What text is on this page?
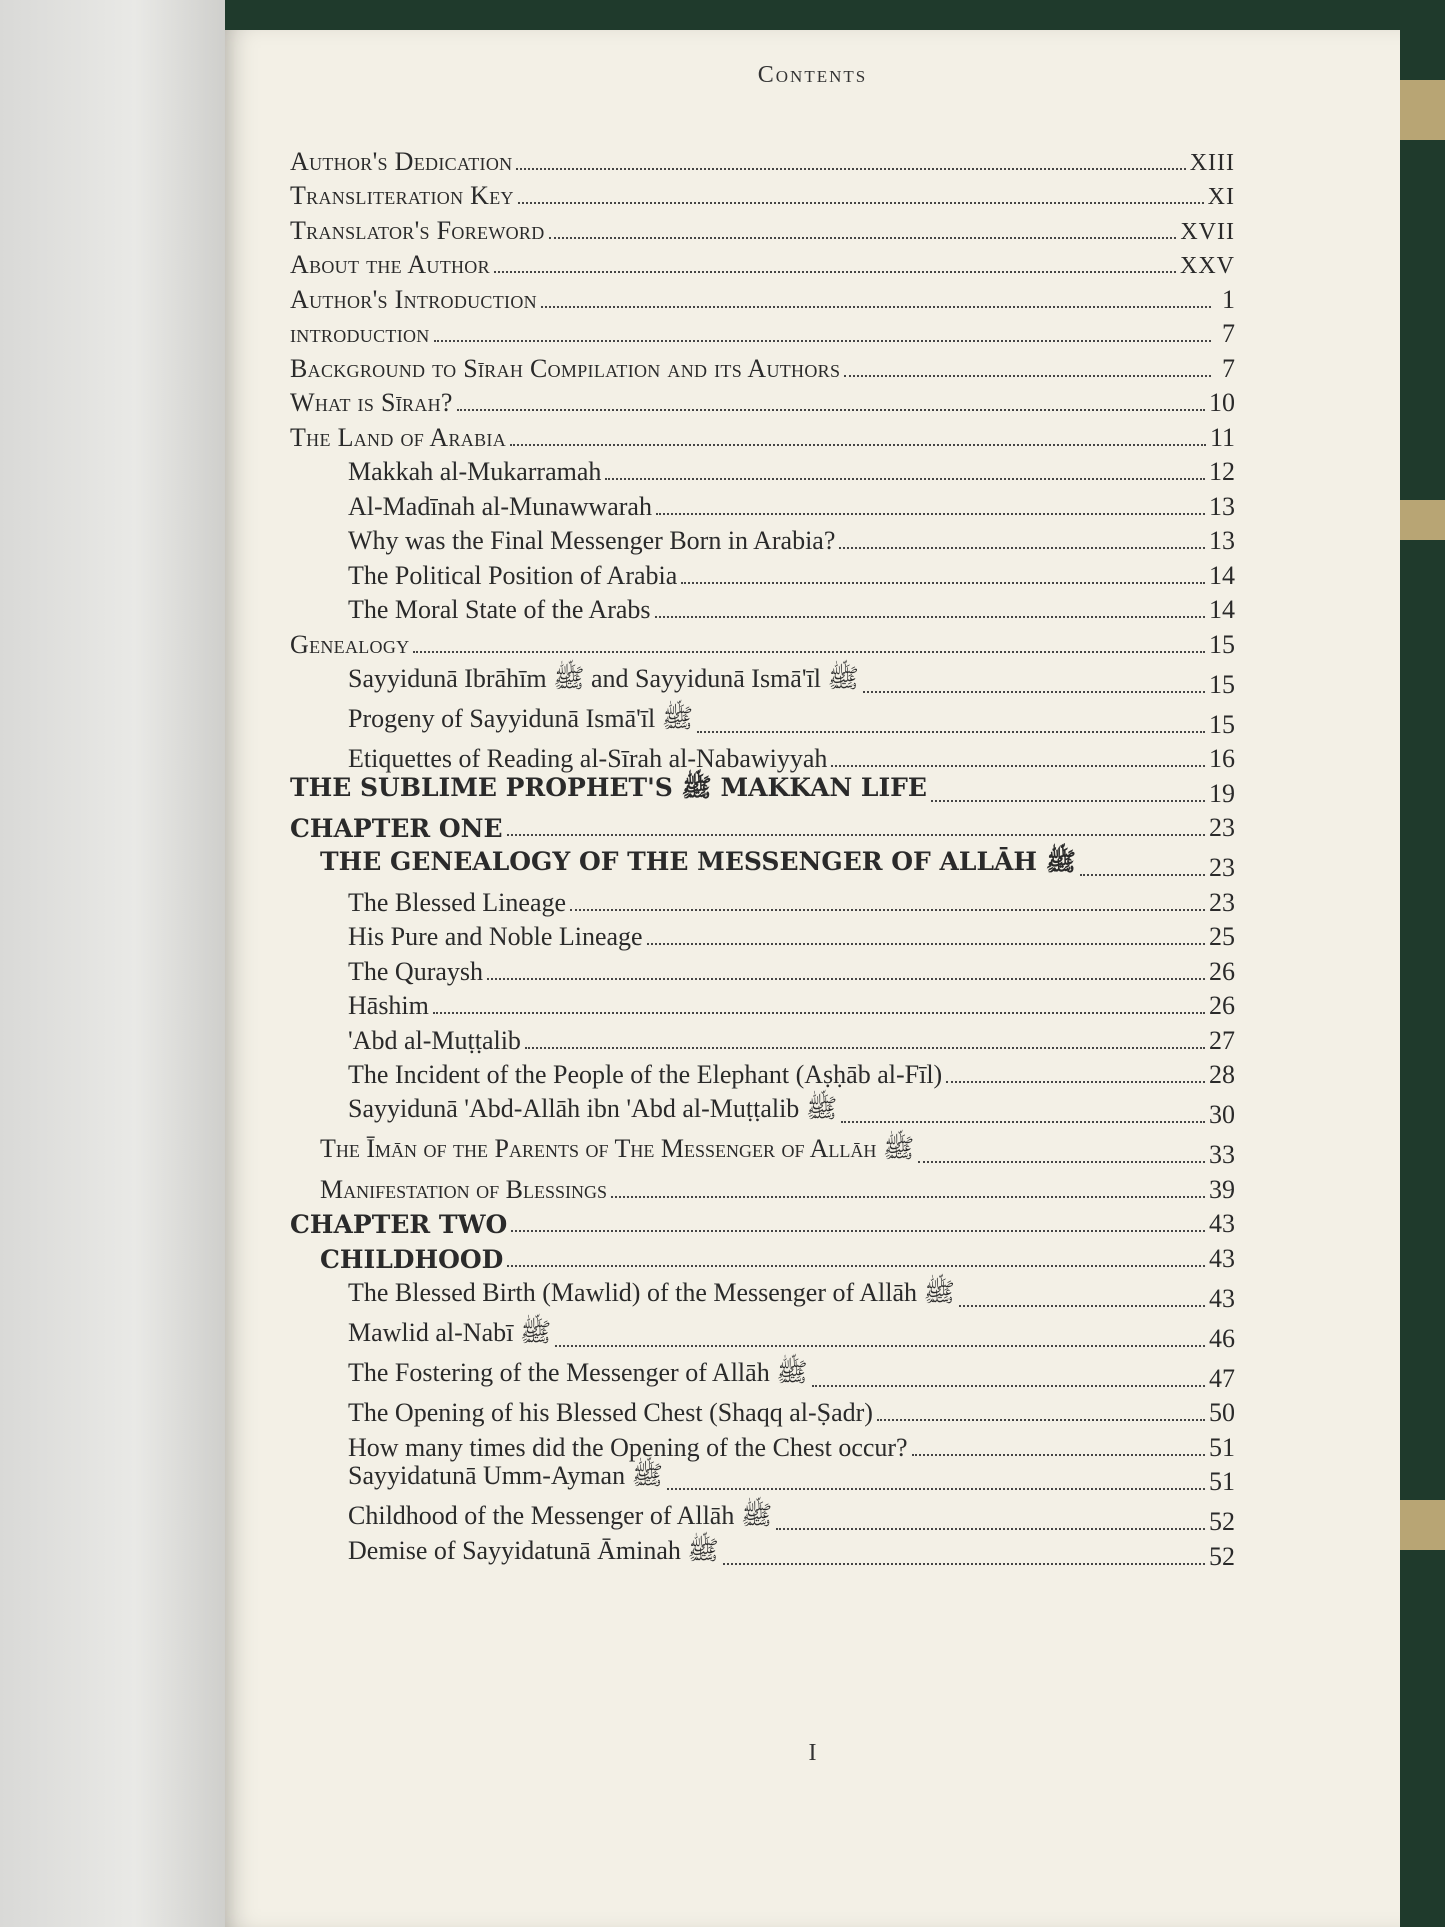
Contents
Author's Dedication	XIII
Transliteration Key	XI
Translator's Foreword	XVII
About the Author	XXV
Author's Introduction	1
introduction	7
Background to Sīrah Compilation and its Authors	7
What is Sīrah?	10
The Land of Arabia	11
Makkah al-Mukarramah	12
Al-Madīnah al-Munawwarah	13
Why was the Final Messenger Born in Arabia?	13
The Political Position of Arabia	14
The Moral State of the Arabs	14
Genealogy	15
Sayyidunā Ibrāhīm ﷺ and Sayyidunā Ismā'īl ﷺ	15
Progeny of Sayyidunā Ismā'īl ﷺ	15
Etiquettes of Reading al-Sīrah al-Nabawiyyah	16
THE SUBLIME PROPHET'S ﷺ MAKKAN LIFE	19
CHAPTER ONE	23
THE GENEALOGY OF THE MESSENGER OF ALLĀH ﷺ	23
The Blessed Lineage	23
His Pure and Noble Lineage	25
The Quraysh	26
Hāshim	26
'Abd al-Muṭṭalib	27
The Incident of the People of the Elephant (Aṣḥāb al-Fīl)	28
Sayyidunā 'Abd-Allāh ibn 'Abd al-Muṭṭalib ﷺ	30
The Īmān of the Parents of The Messenger of Allāh ﷺ	33
Manifestation of Blessings	39
CHAPTER TWO	43
CHILDHOOD	43
The Blessed Birth (Mawlid) of the Messenger of Allāh ﷺ	43
Mawlid al-Nabī ﷺ	46
The Fostering of the Messenger of Allāh ﷺ	47
The Opening of his Blessed Chest (Shaqq al-Ṣadr)	50
How many times did the Opening of the Chest occur?	51
Sayyidatunā Umm-Ayman ﷺ	51
Childhood of the Messenger of Allāh ﷺ	52
Demise of Sayyidatunā Āminah ﷺ	52
I
